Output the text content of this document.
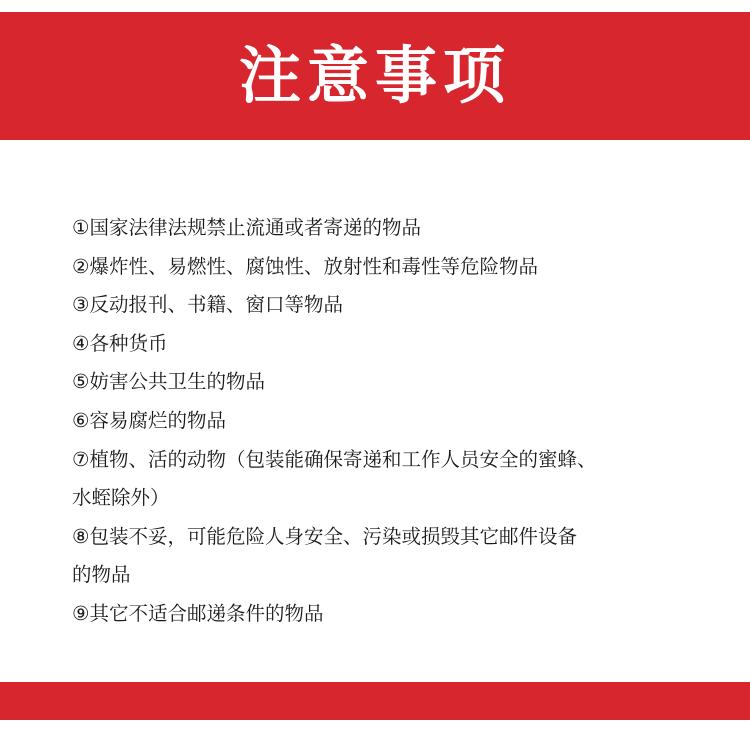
注意事项
①国家法律法规禁止流通或者寄递的物品
②爆炸性、易燃性、腐蚀性、放射性和毒性等危险物品
③反动报刊、书籍、窗口等物品
④各种货币
⑤妨害公共卫生的物品
⑥容易腐烂的物品
⑦植物、活的动物（包装能确保寄递和工作人员安全的蜜蜂、
水蛭除外）
⑧包装不妥，可能危险人身安全、污染或损毁其它邮件设备
的物品
⑨其它不适合邮递条件的物品
